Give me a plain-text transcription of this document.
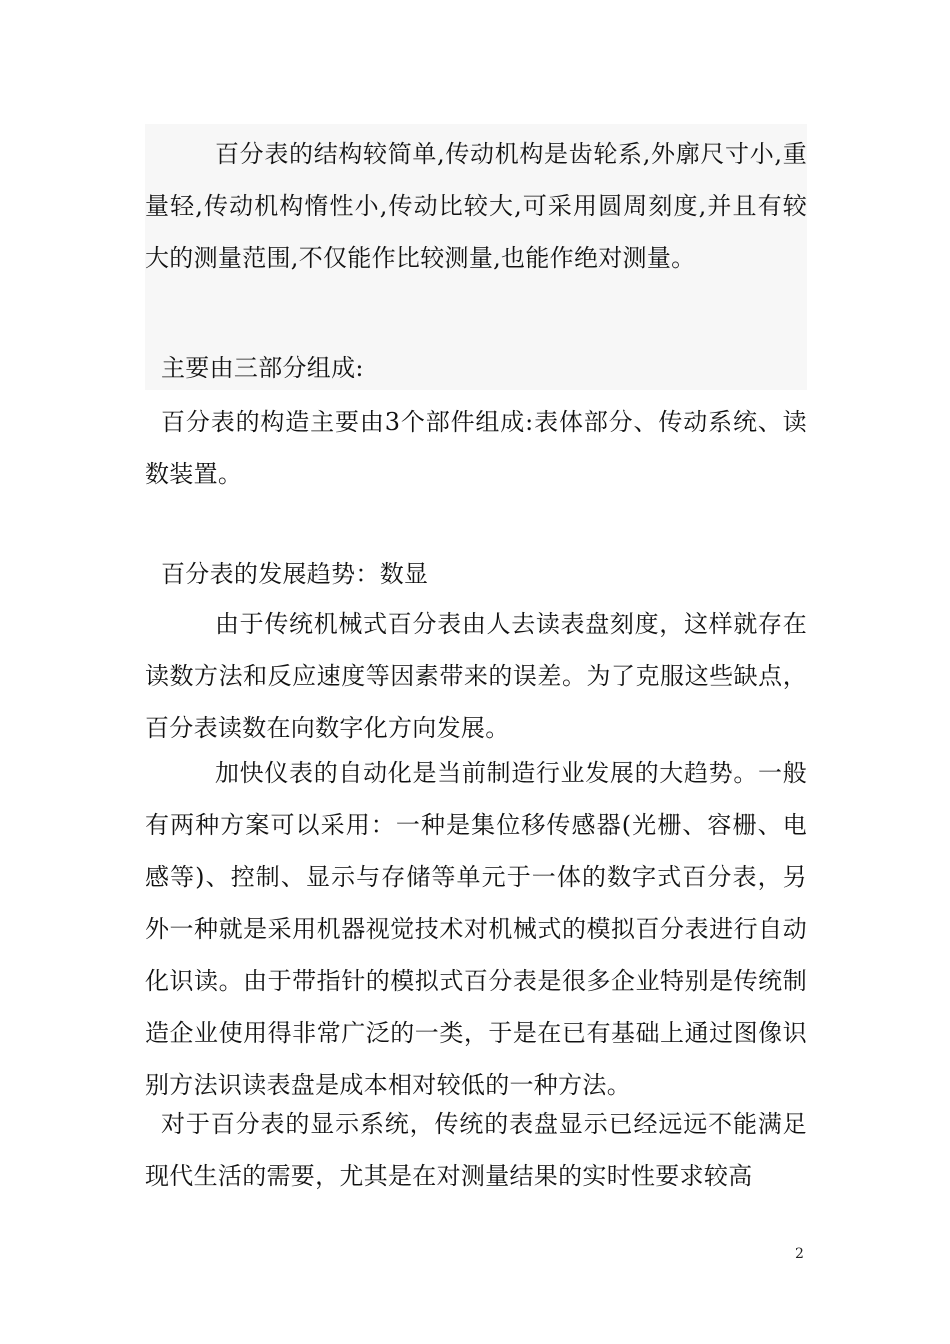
百分表的结构较简单,传动机构是齿轮系,外廓尺寸小,重量轻,传动机构惰性小,传动比较大,可采用圆周刻度,并且有较大的测量范围,不仅能作比较测量,也能作绝对测量。

主要由三部分组成:

百分表的构造主要由3个部件组成:表体部分、传动系统、读数装置。

百分表的发展趋势：数显

由于传统机械式百分表由人去读表盘刻度，这样就存在读数方法和反应速度等因素带来的误差。为了克服这些缺点，百分表读数在向数字化方向发展。

加快仪表的自动化是当前制造行业发展的大趋势。一般有两种方案可以采用：一种是集位移传感器(光栅、容栅、电感等)、控制、显示与存储等单元于一体的数字式百分表，另外一种就是采用机器视觉技术对机械式的模拟百分表进行自动化识读。由于带指针的模拟式百分表是很多企业特别是传统制造企业使用得非常广泛的一类，于是在已有基础上通过图像识别方法识读表盘是成本相对较低的一种方法。

对于百分表的显示系统，传统的表盘显示已经远远不能满足现代生活的需要，尤其是在对测量结果的实时性要求较高

2
